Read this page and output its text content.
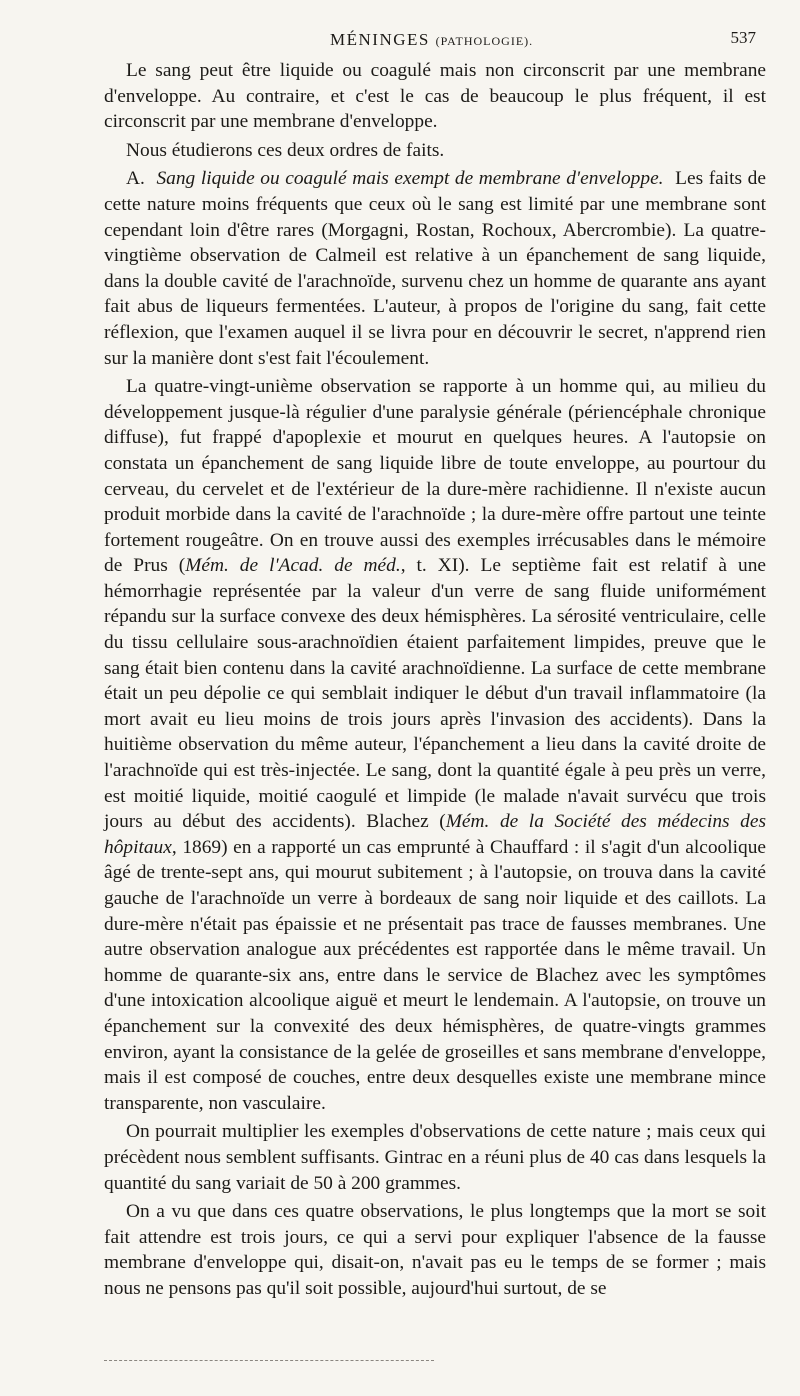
MÉNINGES (PATHOLOGIE).	537

Le sang peut être liquide ou coagulé mais non circonscrit par une membrane d'enveloppe. Au contraire, et c'est le cas de beaucoup le plus fréquent, il est circonscrit par une membrane d'enveloppe.

Nous étudierons ces deux ordres de faits.

A. Sang liquide ou coagulé mais exempt de membrane d'enveloppe. Les faits de cette nature moins fréquents que ceux où le sang est limité par une membrane sont cependant loin d'être rares (Morgagni, Rostan, Rochoux, Abercrombie). La quatre-vingtième observation de Calmeil est relative à un épanchement de sang liquide, dans la double cavité de l'arachnoïde, survenu chez un homme de quarante ans ayant fait abus de liqueurs fermentées. L'auteur, à propos de l'origine du sang, fait cette réflexion, que l'examen auquel il se livra pour en découvrir le secret, n'apprend rien sur la manière dont s'est fait l'écoulement.

La quatre-vingt-unième observation se rapporte à un homme qui, au milieu du développement jusque-là régulier d'une paralysie générale (périencéphale chronique diffuse), fut frappé d'apoplexie et mourut en quelques heures. A l'autopsie on constata un épanchement de sang liquide libre de toute enveloppe, au pourtour du cerveau, du cervelet et de l'extérieur de la dure-mère rachidienne. Il n'existe aucun produit morbide dans la cavité de l'arachnoïde ; la dure-mère offre partout une teinte fortement rougeâtre. On en trouve aussi des exemples irrécusables dans le mémoire de Prus (Mém. de l'Acad. de méd., t. XI). Le septième fait est relatif à une hémorrhagie représentée par la valeur d'un verre de sang fluide uniformément répandu sur la surface convexe des deux hémisphères. La sérosité ventriculaire, celle du tissu cellulaire sous-arachnoïdien étaient parfaitement limpides, preuve que le sang était bien contenu dans la cavité arachnoïdienne. La surface de cette membrane était un peu dépolie ce qui semblait indiquer le début d'un travail inflammatoire (la mort avait eu lieu moins de trois jours après l'invasion des accidents). Dans la huitième observation du même auteur, l'épanchement a lieu dans la cavité droite de l'arachnoïde qui est très-injectée. Le sang, dont la quantité égale à peu près un verre, est moitié liquide, moitié caogulé et limpide (le malade n'avait survécu que trois jours au début des accidents). Blachez (Mém. de la Société des médecins des hôpitaux, 1869) en a rapporté un cas emprunté à Chauffard : il s'agit d'un alcoolique âgé de trente-sept ans, qui mourut subitement ; à l'autopsie, on trouva dans la cavité gauche de l'arachnoïde un verre à bordeaux de sang noir liquide et des caillots. La dure-mère n'était pas épaissie et ne présentait pas trace de fausses membranes. Une autre observation analogue aux précédentes est rapportée dans le même travail. Un homme de quarante-six ans, entre dans le service de Blachez avec les symptômes d'une intoxication alcoolique aiguë et meurt le lendemain. A l'autopsie, on trouve un épanchement sur la convexité des deux hémisphères, de quatre-vingts grammes environ, ayant la consistance de la gelée de groseilles et sans membrane d'enveloppe, mais il est composé de couches, entre deux desquelles existe une membrane mince transparente, non vasculaire.

On pourrait multiplier les exemples d'observations de cette nature ; mais ceux qui précèdent nous semblent suffisants. Gintrac en a réuni plus de 40 cas dans lesquels la quantité du sang variait de 50 à 200 grammes.

On a vu que dans ces quatre observations, le plus longtemps que la mort se soit fait attendre est trois jours, ce qui a servi pour expliquer l'absence de la fausse membrane d'enveloppe qui, disait-on, n'avait pas eu le temps de se former ; mais nous ne pensons pas qu'il soit possible, aujourd'hui surtout, de se
